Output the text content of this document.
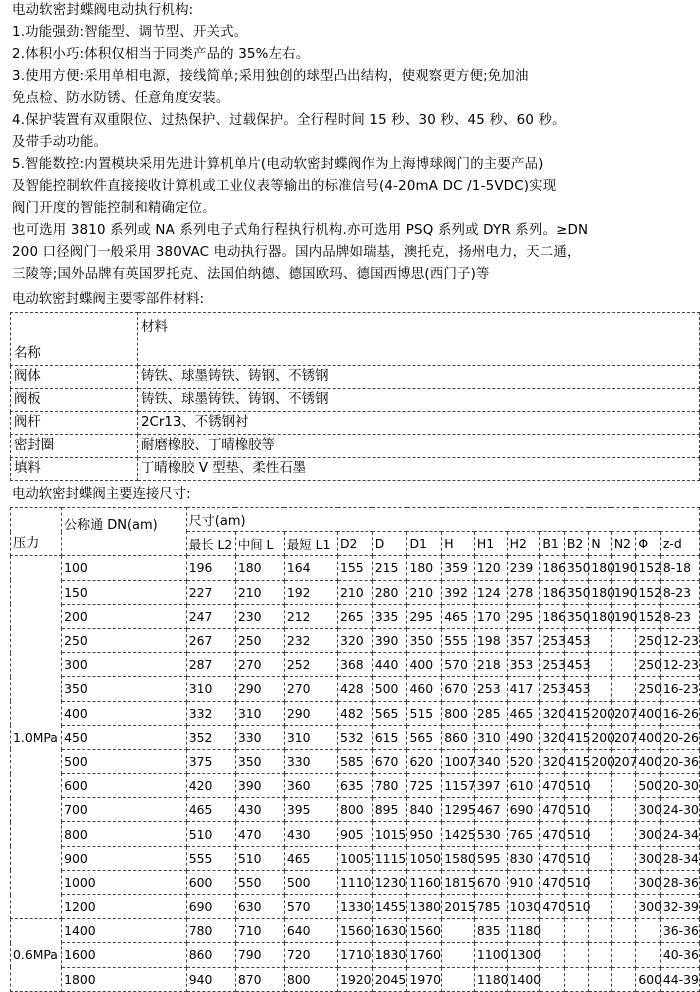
电动软密封蝶阀电动执行机构:
1.功能强劲:智能型、调节型、开关式。
2.体积小巧:体积仅相当于同类产品的 35%左右。
3.使用方便:采用单相电源，接线简单;采用独创的球型凸出结构，使观察更方便;免加油
免点检、防水防锈、任意角度安装。
4.保护装置有双重限位、过热保护、过载保护。全行程时间 15 秒、30 秒、45 秒、60 秒。
及带手动功能。
5.智能数控:内置模块采用先进计算机单片(电动软密封蝶阀作为上海博球阀门的主要产品)
及智能控制软件直接接收计算机或工业仪表等输出的标准信号(4-20mA DC /1-5VDC)实现
阀门开度的智能控制和精确定位。
也可选用 3810 系列或 NA 系列电子式角行程执行机构.亦可选用 PSQ 系列或 DYR 系列。≥DN
200 口径阀门一般采用 380VAC 电动执行器。国内品牌如瑞基，澳托克，扬州电力，天二通，
三陵等;国外品牌有英国罗托克、法国伯纳德、德国欧玛、德国西博思(西门子)等
电动软密封蝶阀主要零部件材料:
名称	材料
阀体	铸铁、球墨铸铁、铸钢、不锈钢
阀板	铸铁、球墨铸铁、铸钢、不锈钢
阀杆	2Cr13、不锈钢衬
密封圈	耐磨橡胶、丁晴橡胶等
填料	丁晴橡胶 V 型垫、柔性石墨
电动软密封蝶阀主要连接尺寸:
压力	公称通 DN(am)	尺寸(am)														
		最长 L2	中间 L	最短 L1	D2	D	D1	H	H1	H2	B1	B2	N	N2	Φ	z-d
1.0MPa	100	196	180	164	155	215	180	359	120	239	186	350	180	190	152	8-18
	150	227	210	192	210	280	210	392	124	278	186	350	180	190	152	8-23
	200	247	230	212	265	335	295	465	170	295	186	350	180	190	152	8-23
	250	267	250	232	320	390	350	555	198	357	253	453			250	12-23
	300	287	270	252	368	440	400	570	218	353	253	453			250	12-23
	350	310	290	270	428	500	460	670	253	417	253	453			250	16-23
	400	332	310	290	482	565	515	800	285	465	320	415	200	207	400	16-26
	450	352	330	310	532	615	565	860	310	490	320	415	200	207	400	20-26
	500	375	350	330	585	670	620	1007	340	520	320	415	200	207	400	20-36
	600	420	390	360	635	780	725	1157	397	610	470	510			500	20-30
	700	465	430	395	800	895	840	1295	467	690	470	510			300	24-30
	800	510	470	430	905	1015	950	1425	530	765	470	510			300	24-34
	900	555	510	465	1005	1115	1050	1580	595	830	470	510			300	28-34
	1000	600	550	500	1110	1230	1160	1815	670	910	470	510			300	28-36
	1200	690	630	570	1330	1455	1380	2015	785	1030	470	510			300	32-39
0.6MPa	1400	780	710	640	1560	1630	1560		835	1180						36-36
	1600	860	790	720	1710	1830	1760		1100	1300						40-36
	1800	940	870	800	1920	2045	1970		1180	1400					600	44-39
